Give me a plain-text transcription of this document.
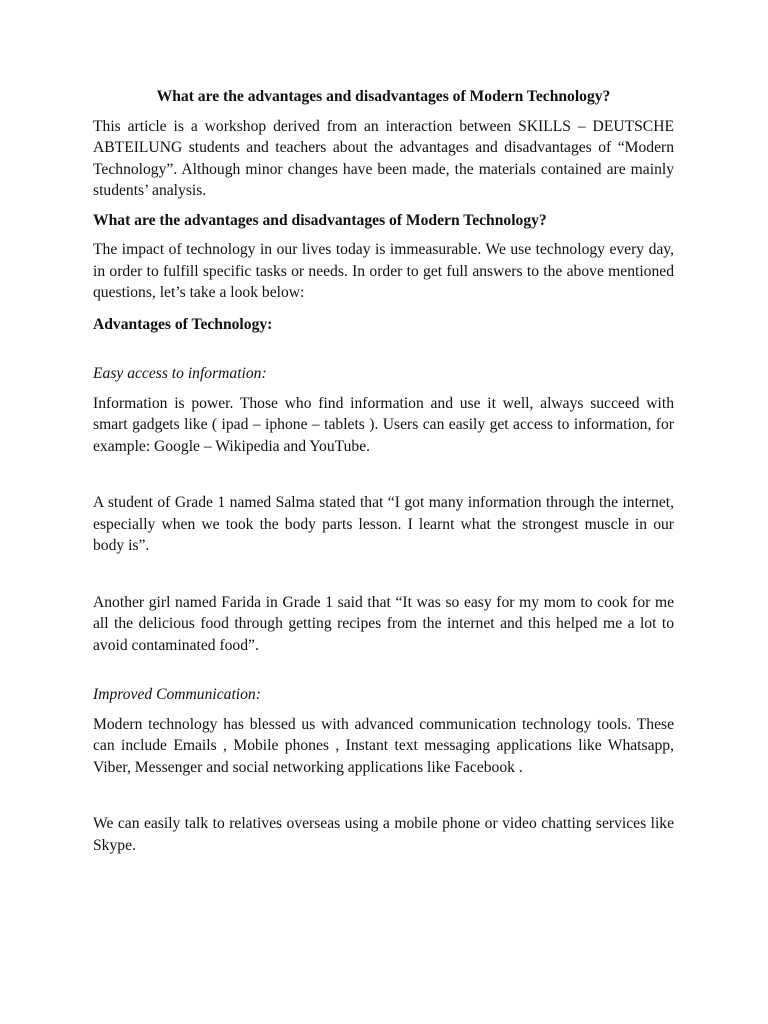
What are the advantages and disadvantages of Modern Technology?

This article is a workshop derived from an interaction between SKILLS – DEUTSCHE ABTEILUNG students and teachers about the advantages and disadvantages of “Modern Technology”. Although minor changes have been made, the materials contained are mainly students’ analysis.

What are the advantages and disadvantages of Modern Technology?

The impact of technology in our lives today is immeasurable. We use technology every day, in order to fulfill specific tasks or needs. In order to get full answers to the above mentioned questions, let’s take a look below:

Advantages of Technology:

Easy access to information:

Information is power. Those who find information and use it well, always succeed with smart gadgets like ( ipad – iphone – tablets ). Users can easily get access to information, for example: Google – Wikipedia and YouTube.

A student of Grade 1 named Salma stated that “I got many information through the internet, especially when we took the body parts lesson. I learnt what the strongest muscle in our body is”.

Another girl named Farida in Grade 1 said that “It was so easy for my mom to cook for me all the delicious food through getting recipes from the internet and this helped me a lot to avoid contaminated food”.

Improved Communication:

Modern technology has blessed us with advanced communication technology tools. These can include Emails , Mobile phones , Instant text messaging applications like Whatsapp, Viber, Messenger and social networking applications like Facebook .

We can easily talk to relatives overseas using a mobile phone or video chatting services like Skype.
